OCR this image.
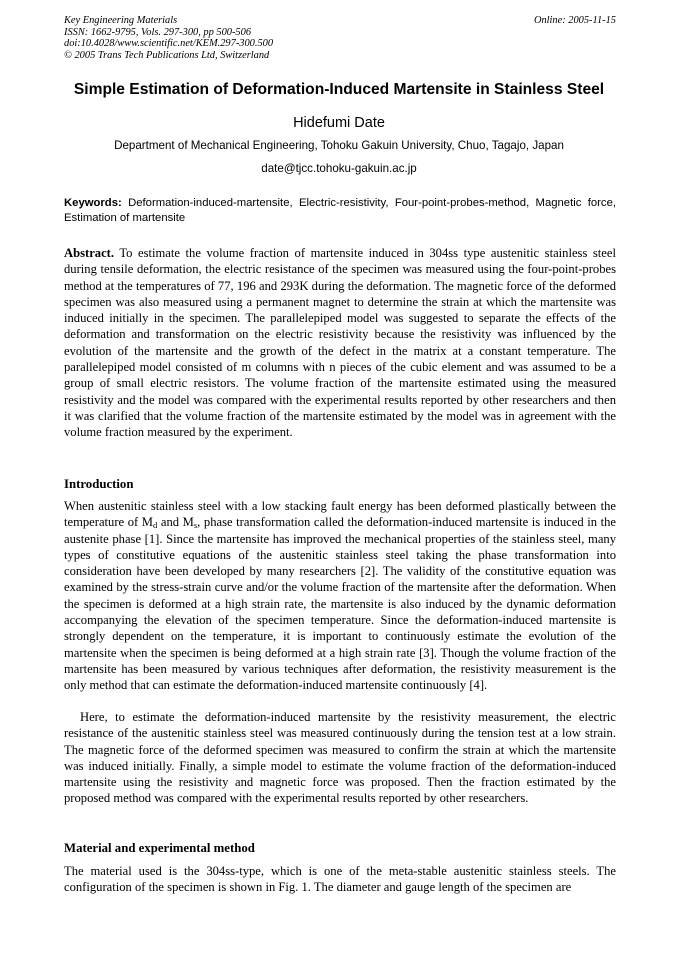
Key Engineering Materials
ISSN: 1662-9795, Vols. 297-300, pp 500-506
doi:10.4028/www.scientific.net/KEM.297-300.500
© 2005 Trans Tech Publications Ltd, Switzerland
Online: 2005-11-15
Simple Estimation of Deformation-Induced Martensite in Stainless Steel
Hidefumi Date
Department of Mechanical Engineering, Tohoku Gakuin University, Chuo, Tagajo, Japan
date@tjcc.tohoku-gakuin.ac.jp
Keywords: Deformation-induced-martensite, Electric-resistivity, Four-point-probes-method, Magnetic force, Estimation of martensite
Abstract. To estimate the volume fraction of martensite induced in 304ss type austenitic stainless steel during tensile deformation, the electric resistance of the specimen was measured using the four-point-probes method at the temperatures of 77, 196 and 293K during the deformation. The magnetic force of the deformed specimen was also measured using a permanent magnet to determine the strain at which the martensite was induced initially in the specimen. The parallelepiped model was suggested to separate the effects of the deformation and transformation on the electric resistivity because the resistivity was influenced by the evolution of the martensite and the growth of the defect in the matrix at a constant temperature. The parallelepiped model consisted of m columns with n pieces of the cubic element and was assumed to be a group of small electric resistors. The volume fraction of the martensite estimated using the measured resistivity and the model was compared with the experimental results reported by other researchers and then it was clarified that the volume fraction of the martensite estimated by the model was in agreement with the volume fraction measured by the experiment.
Introduction
When austenitic stainless steel with a low stacking fault energy has been deformed plastically between the temperature of $M_d$ and $M_s$, phase transformation called the deformation-induced martensite is induced in the austenite phase [1]. Since the martensite has improved the mechanical properties of the stainless steel, many types of constitutive equations of the austenitic stainless steel taking the phase transformation into consideration have been developed by many researchers [2]. The validity of the constitutive equation was examined by the stress-strain curve and/or the volume fraction of the martensite after the deformation. When the specimen is deformed at a high strain rate, the martensite is also induced by the dynamic deformation accompanying the elevation of the specimen temperature. Since the deformation-induced martensite is strongly dependent on the temperature, it is important to continuously estimate the evolution of the martensite when the specimen is being deformed at a high strain rate [3]. Though the volume fraction of the martensite has been measured by various techniques after deformation, the resistivity measurement is the only method that can estimate the deformation-induced martensite continuously [4].
Here, to estimate the deformation-induced martensite by the resistivity measurement, the electric resistance of the austenitic stainless steel was measured continuously during the tension test at a low strain. The magnetic force of the deformed specimen was measured to confirm the strain at which the martensite was induced initially. Finally, a simple model to estimate the volume fraction of the deformation-induced martensite using the resistivity and magnetic force was proposed. Then the fraction estimated by the proposed method was compared with the experimental results reported by other researchers.
Material and experimental method
The material used is the 304ss-type, which is one of the meta-stable austenitic stainless steels. The configuration of the specimen is shown in Fig. 1. The diameter and gauge length of the specimen are
